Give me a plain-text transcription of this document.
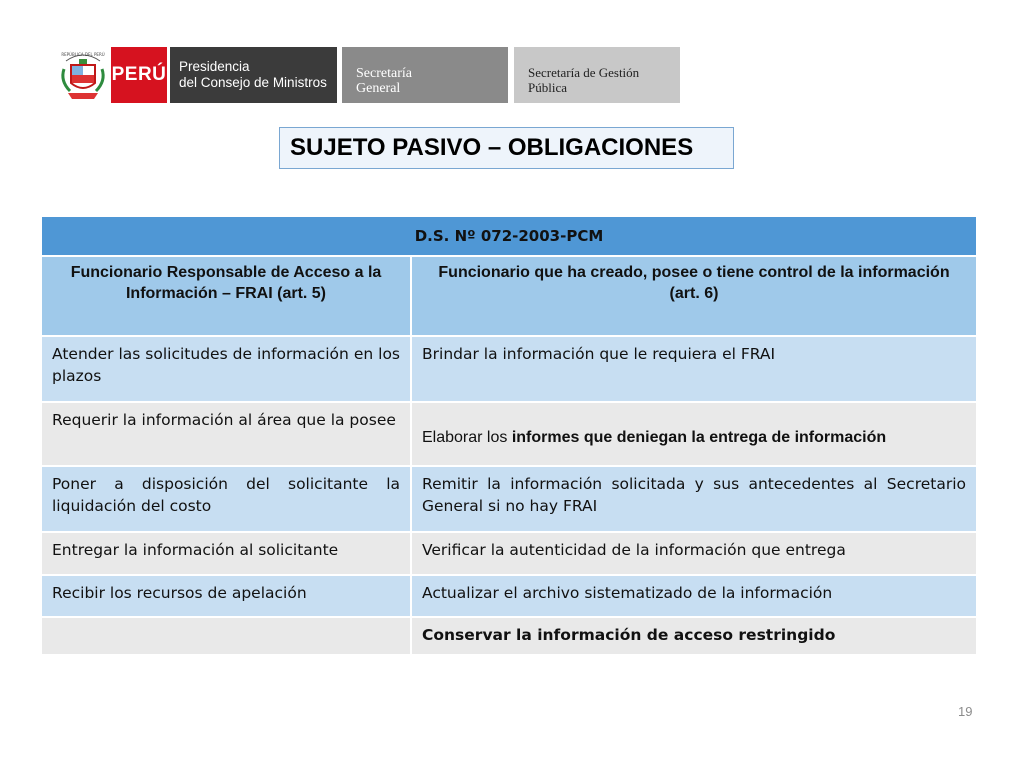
REPÚBLICA DEL PERÚ
PERÚ Presidencia
del Consejo de Ministros
Secretaría
General
Secretaría de Gestión
Pública
SUJETO PASIVO – OBLIGACIONES
D.S. Nº 072-2003-PCM	
Funcionario Responsable de Acceso a la Información – FRAI (art. 5)	Funcionario que ha creado, posee o tiene control de la información (art. 6)
Atender las solicitudes de información en los plazos	Brindar la información que le requiera el FRAI
Requerir la información al área que la posee	Elaborar los informes que deniegan la entrega de información
Poner a disposición del solicitante la liquidación del costo	Remitir la información solicitada y sus antecedentes al Secretario General si no hay FRAI
Entregar la información al solicitante	Verificar la autenticidad de la información que entrega
Recibir los recursos de apelación	Actualizar el archivo sistematizado de la información
	Conservar la información de acceso restringido
19
